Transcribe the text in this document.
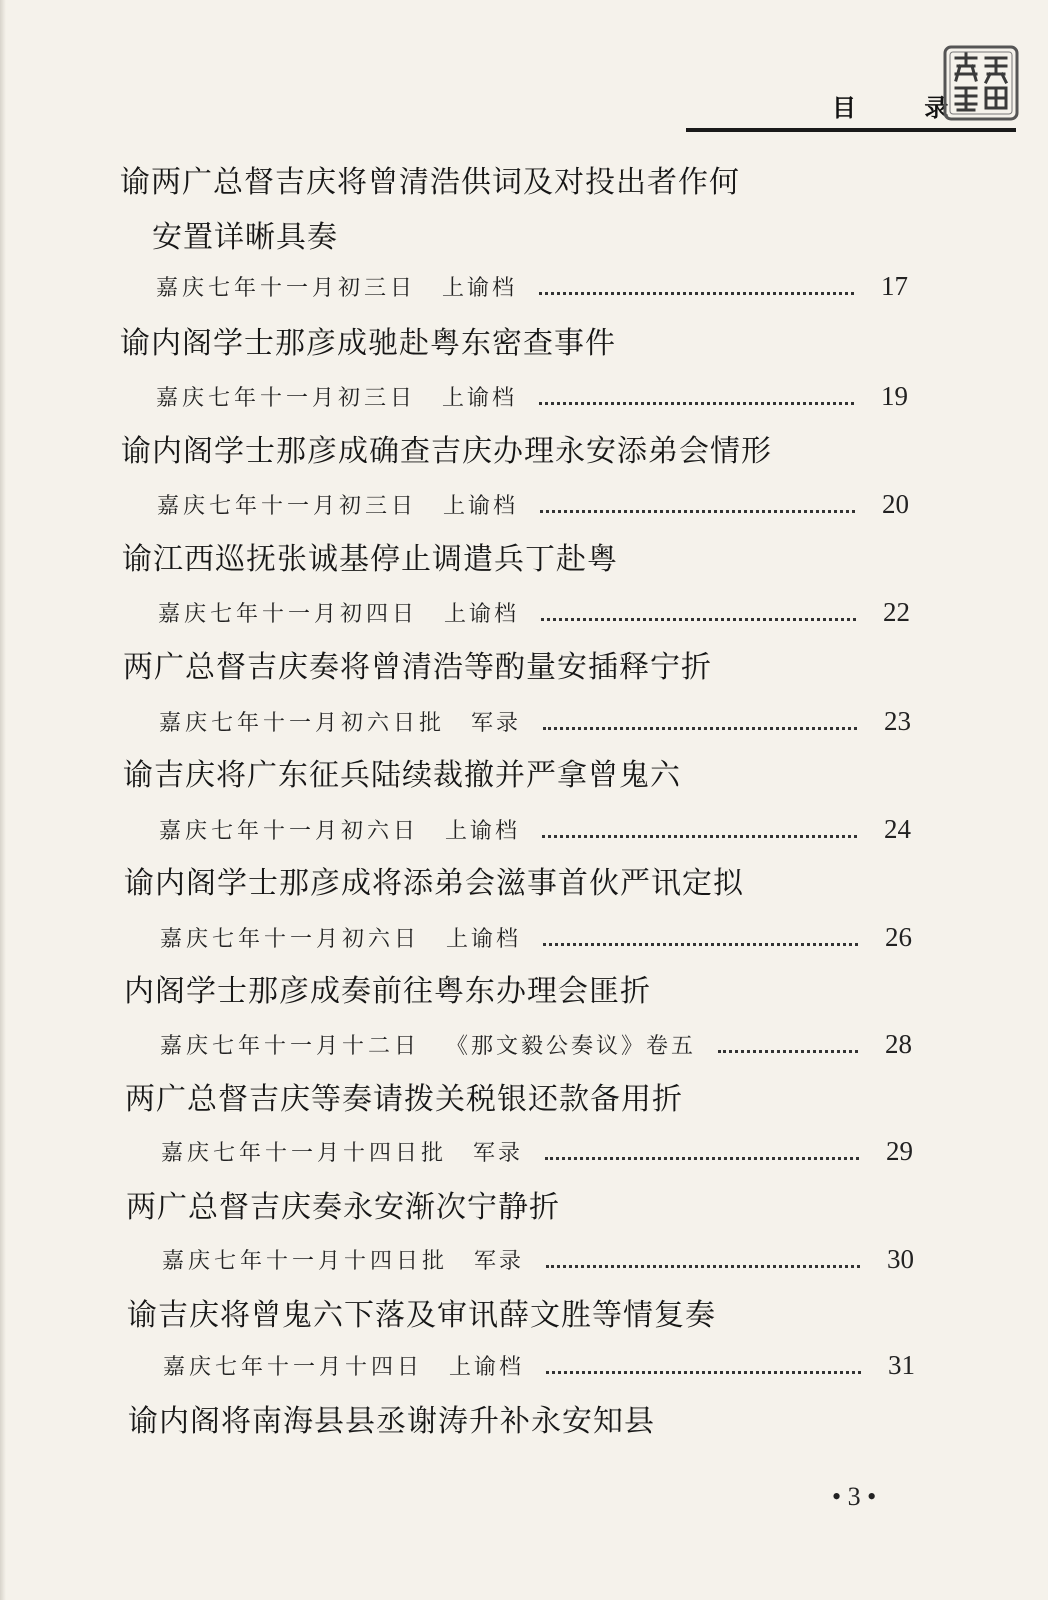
目 录
谕两广总督吉庆将曾清浩供词及对投出者作何
安置详晰具奏
嘉庆七年十一月初三日 上谕档	17
谕内阁学士那彦成驰赴粤东密查事件
嘉庆七年十一月初三日 上谕档	19
谕内阁学士那彦成确查吉庆办理永安添弟会情形
嘉庆七年十一月初三日 上谕档	20
谕江西巡抚张诚基停止调遣兵丁赴粤
嘉庆七年十一月初四日 上谕档	22
两广总督吉庆奏将曾清浩等酌量安插释宁折
嘉庆七年十一月初六日批 军录	23
谕吉庆将广东征兵陆续裁撤并严拿曾鬼六
嘉庆七年十一月初六日 上谕档	24
谕内阁学士那彦成将添弟会滋事首伙严讯定拟
嘉庆七年十一月初六日 上谕档	26
内阁学士那彦成奏前往粤东办理会匪折
嘉庆七年十一月十二日 《那文毅公奏议》卷五	28
两广总督吉庆等奏请拨关税银还款备用折
嘉庆七年十一月十四日批 军录	29
两广总督吉庆奏永安渐次宁静折
嘉庆七年十一月十四日批 军录	30
谕吉庆将曾鬼六下落及审讯薛文胜等情复奏
嘉庆七年十一月十四日 上谕档	31
谕内阁将南海县县丞谢涛升补永安知县
• 3 •
